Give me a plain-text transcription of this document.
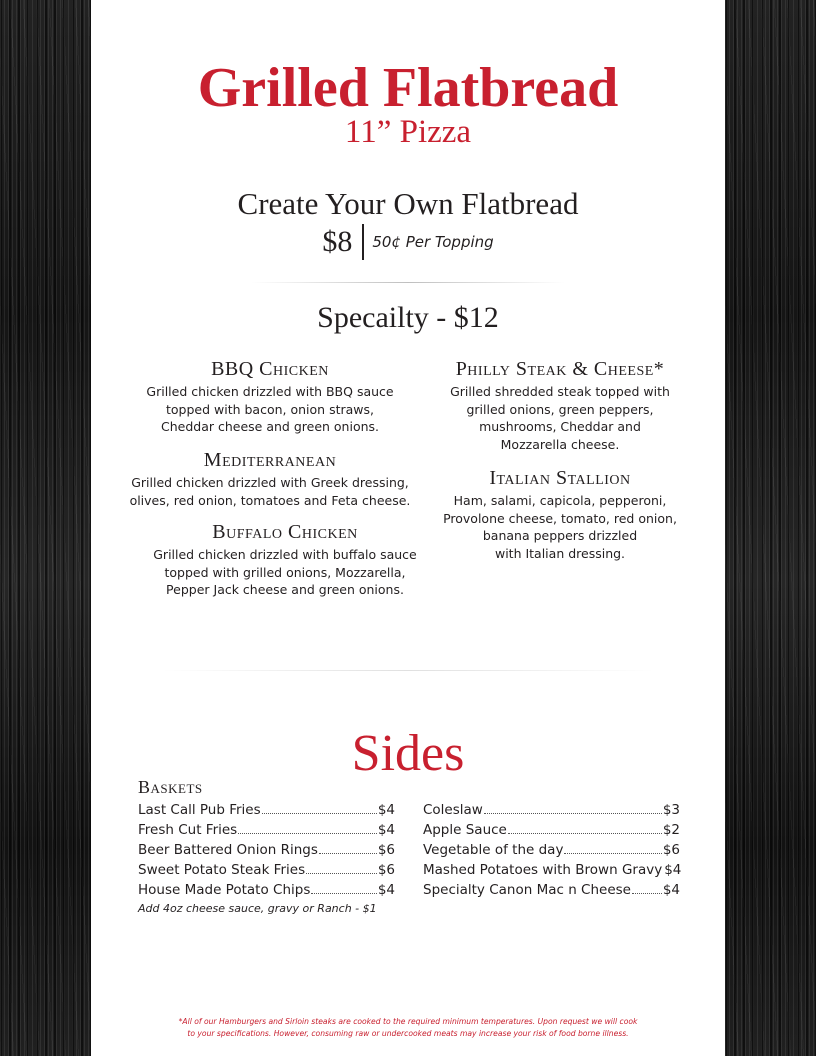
Grilled Flatbread
11” Pizza
Create Your Own Flatbread
$8 50¢ Per Topping
Specailty - $12

BBQ Chicken

Grilled chicken drizzled with BBQ sauce
topped with bacon, onion straws,
Cheddar cheese and green onions.

Mediterranean

Grilled chicken drizzled with Greek dressing,
olives, red onion, tomatoes and Feta cheese.

Buffalo Chicken

Grilled chicken drizzled with buffalo sauce
topped with grilled onions, Mozzarella,
Pepper Jack cheese and green onions.

Philly Steak & Cheese*

Grilled shredded steak topped with
grilled onions, green peppers,
mushrooms, Cheddar and
Mozzarella cheese.

Italian Stallion

Ham, salami, capicola, pepperoni,
Provolone cheese, tomato, red onion,
banana peppers drizzled
with Italian dressing.

Sides
Baskets
Last Call Pub Fries	$4
Fresh Cut Fries	$4
Beer Battered Onion Rings	$6
Sweet Potato Steak Fries	$6
House Made Potato Chips	$4
Add 4oz cheese sauce, gravy or Ranch - $1
Coleslaw	$3
Apple Sauce	$2
Vegetable of the day	$6
Mashed Potatoes with Brown Gravy $4
Specialty Canon Mac n Cheese $4
*All of our Hamburgers and Sirloin steaks are cooked to the required minimum temperatures. Upon request we will cook
to your specifications. However, consuming raw or undercooked meats may increase your risk of food borne illness.
